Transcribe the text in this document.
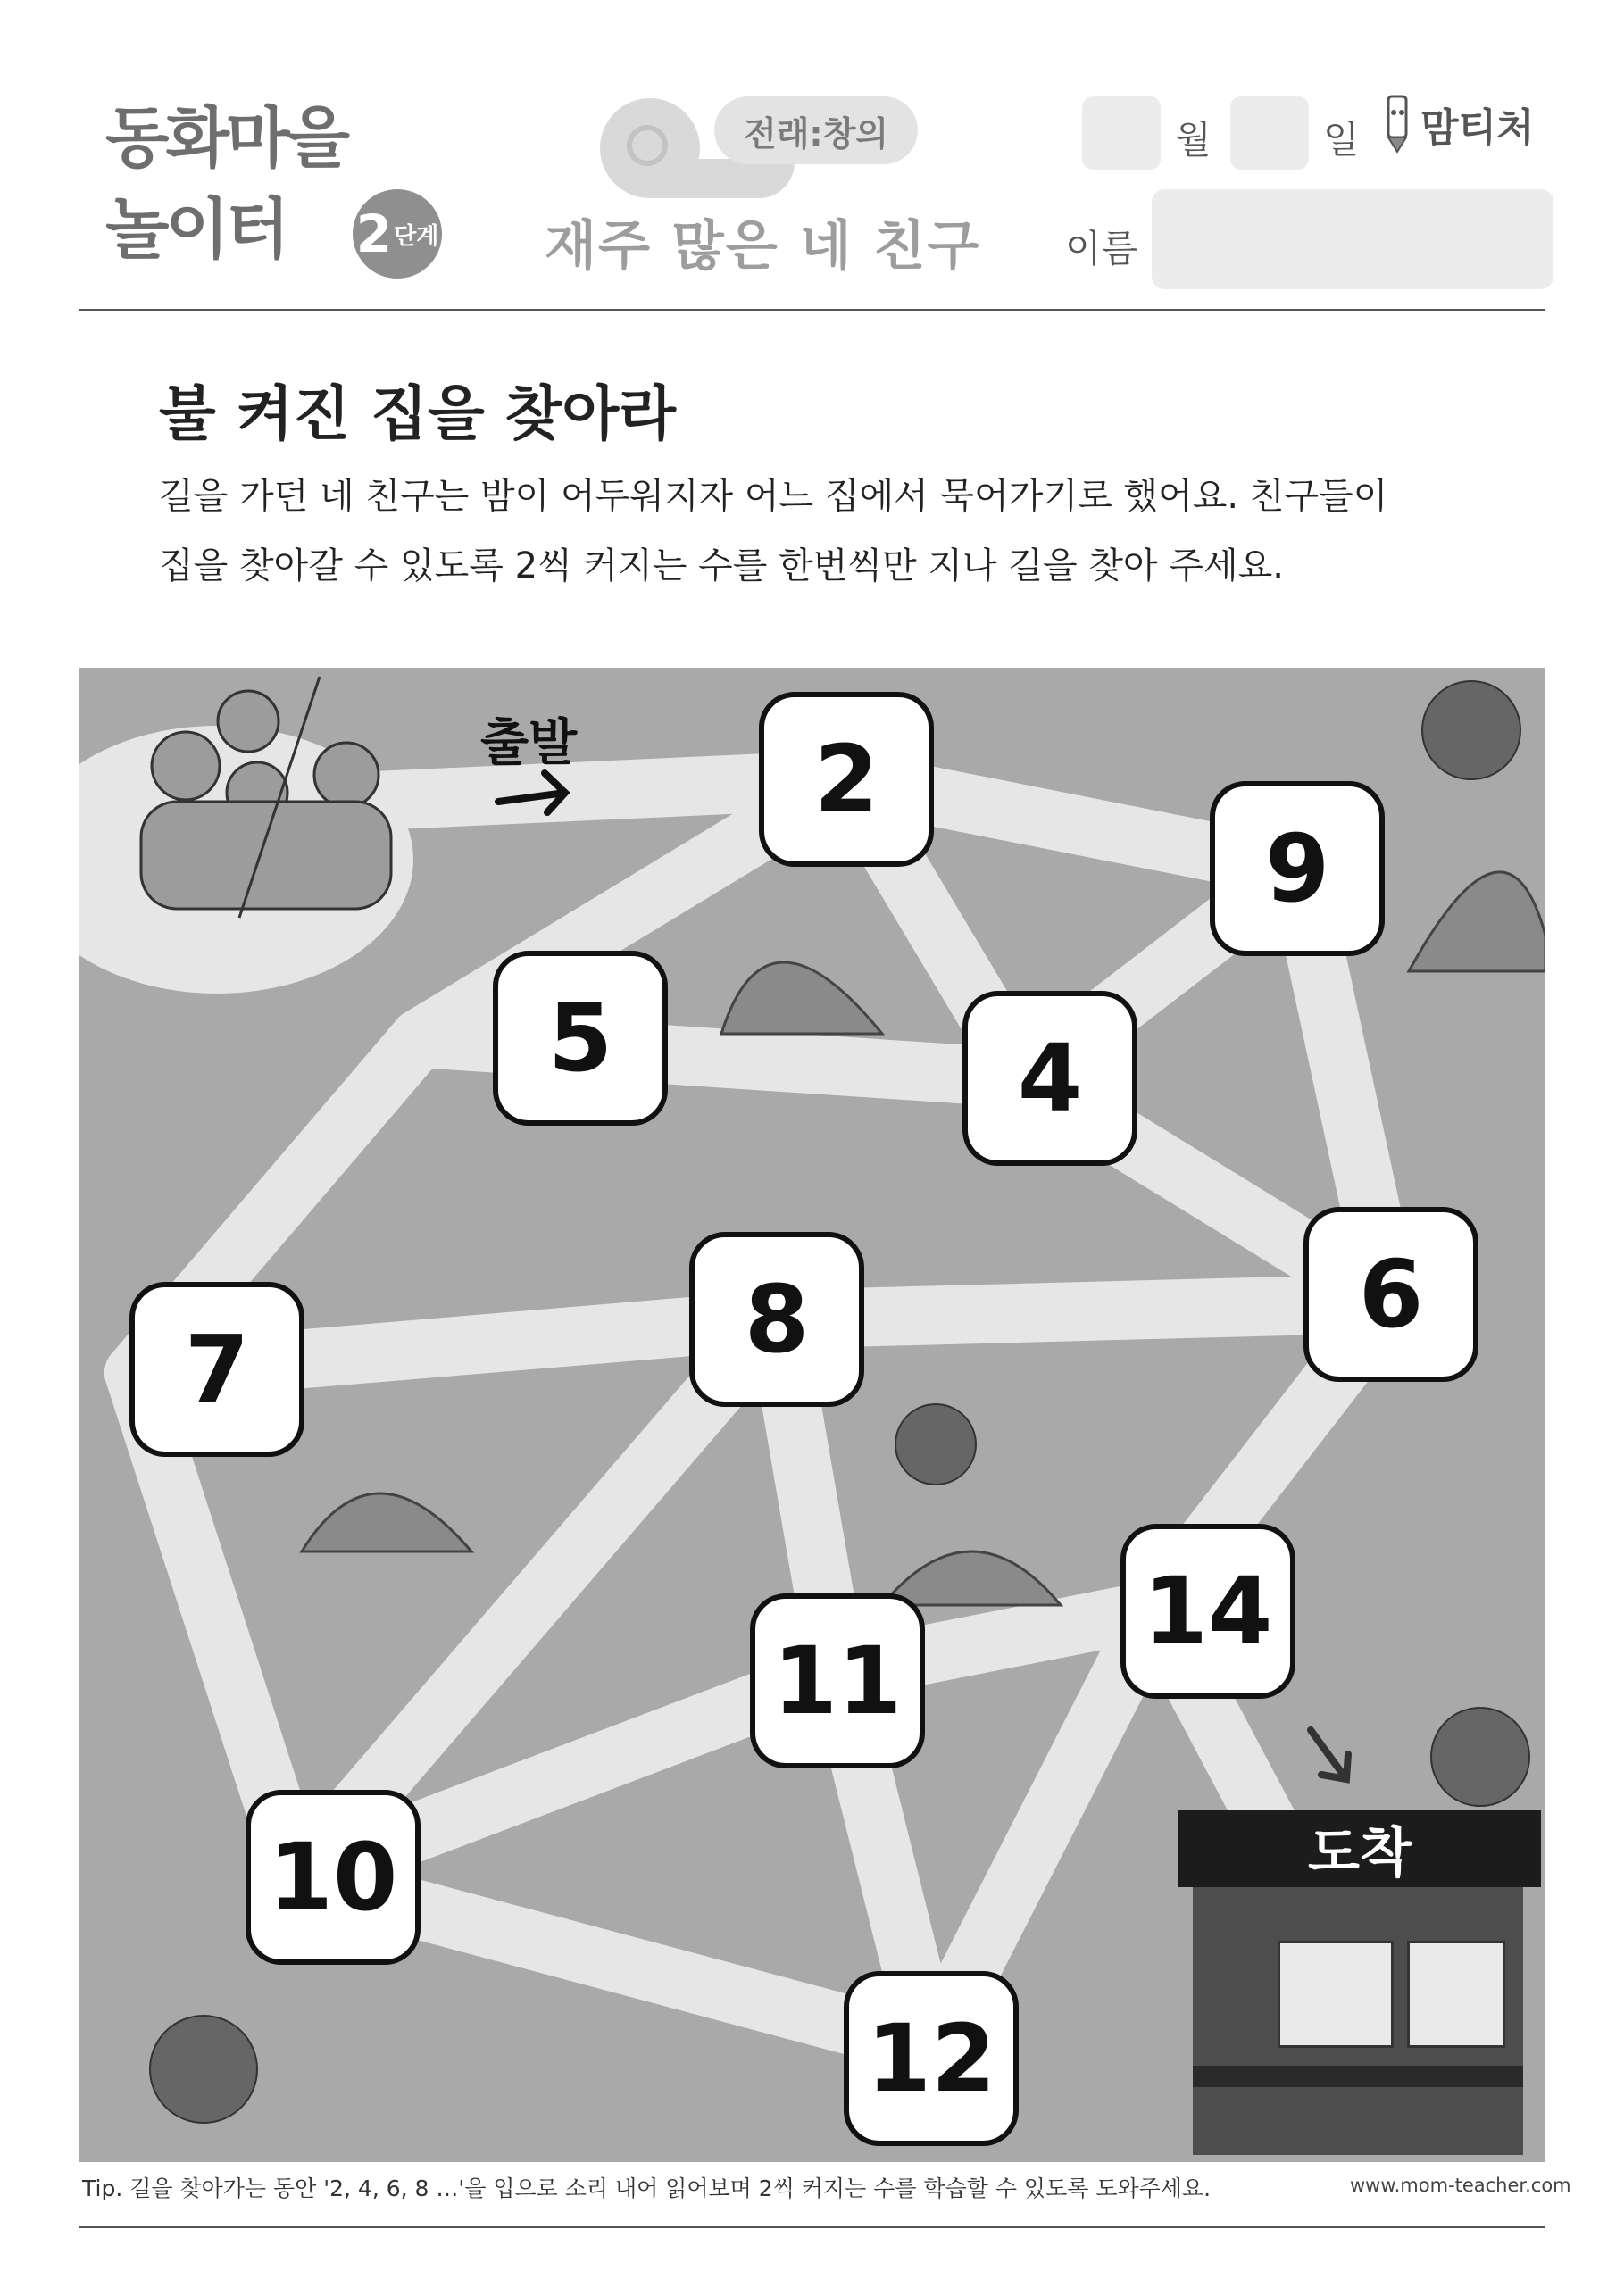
동화마을
놀이터 2 단계
전래:창의
재주 많은 네 친구
월	일 맘티처
이름
불 켜진 집을 찾아라
길을 가던 네 친구는 밤이 어두워지자 어느 집에서 묵어가기로 했어요. 친구들이
집을 찾아갈 수 있도록 2씩 커지는 수를 한번씩만 지나 길을 찾아 주세요.
출발	2
9
5	4
6
8
7
14
11
10
12
도착
Tip. 길을 찾아가는 동안 '2, 4, 6, 8 …'을 입으로 소리 내어 읽어보며 2씩 커지는 수를 학습할 수 있도록 도와주세요.	www.mom-teacher.com
